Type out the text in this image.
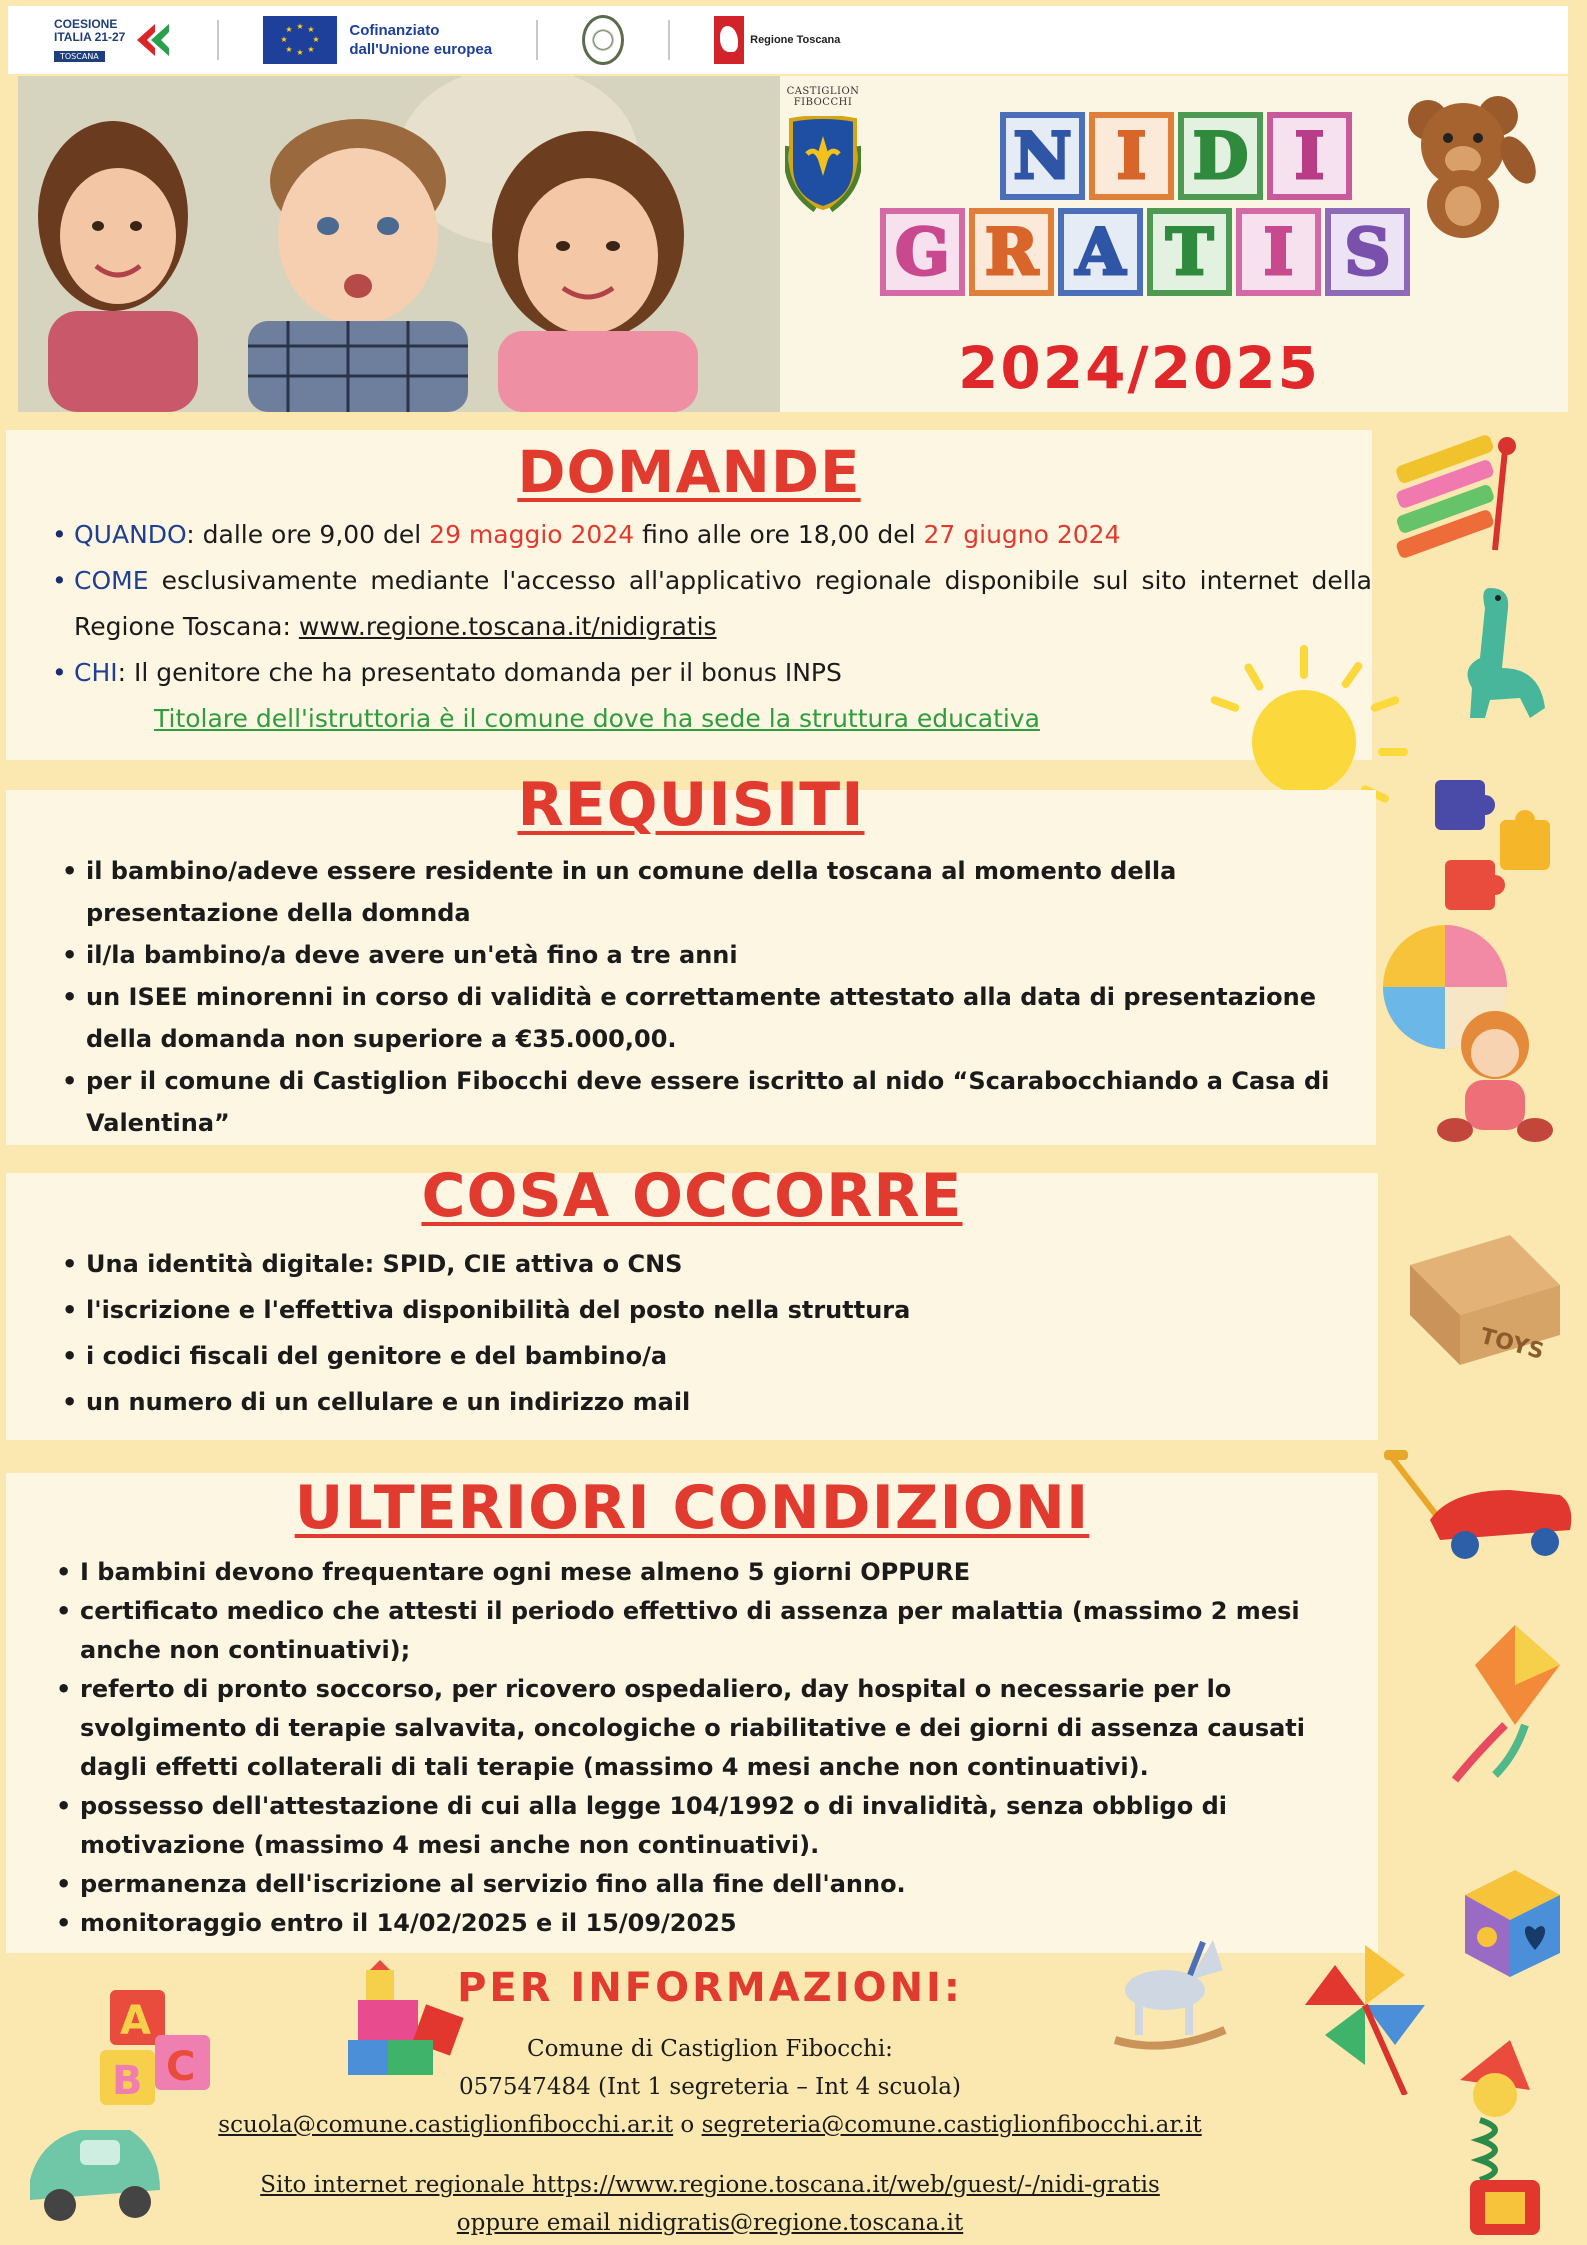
COESIONE
ITALIA 21-27
TOSCANA
★ ★
★
★
★
★
★
★	Cofinanziato
dall'Unione europea
Regione Toscana
CASTIGLION FIBOCCHI
N I D I
G R A T I S
2024/2025
DOMANDE
• QUANDO: dalle ore 9,00 del 29 maggio 2024 fino alle ore 18,00 del 27 giugno 2024
• COME esclusivamente mediante l'accesso all'applicativo regionale disponibile sul sito internet della Regione Toscana: www.regione.toscana.it/nidigratis
• CHI: Il genitore che ha presentato domanda per il bonus INPS
Titolare dell'istruttoria è il comune dove ha sede la struttura educativa
REQUISITI
• il bambino/adeve essere residente in un comune della toscana al momento della presentazione della domnda
• il/la bambino/a deve avere un'età fino a tre anni
• un ISEE minorenni in corso di validità e correttamente attestato alla data di presentazione della domanda non superiore a €35.000,00.
• per il comune di Castiglion Fibocchi deve essere iscritto al nido “Scarabocchiando a Casa di Valentina”
COSA OCCORRE
• Una identità digitale: SPID, CIE attiva o CNS
• l'iscrizione e l'effettiva disponibilità del posto nella struttura
• i codici fiscali del genitore e del bambino/a
• un numero di un cellulare e un indirizzo mail
ULTERIORI CONDIZIONI
• I bambini devono frequentare ogni mese almeno 5 giorni OPPURE
• certificato medico che attesti il periodo effettivo di assenza per malattia (massimo 2 mesi anche non continuativi);
• referto di pronto soccorso, per ricovero ospedaliero, day hospital o necessarie per lo svolgimento di terapie salvavita, oncologiche o riabilitative e dei giorni di assenza causati dagli effetti collaterali di tali terapie (massimo 4 mesi anche non continuativi).
• possesso dell'attestazione di cui alla legge 104/1992 o di invalidità, senza obbligo di motivazione (massimo 4 mesi anche non continuativi).
• permanenza dell'iscrizione al servizio fino alla fine dell'anno.
• monitoraggio entro il 14/02/2025 e il 15/09/2025
PER INFORMAZIONI:
Comune di Castiglion Fibocchi:
057547484 (Int 1 segreteria – Int 4 scuola)
scuola@comune.castiglionfibocchi.ar.it o segreteria@comune.castiglionfibocchi.ar.it
Sito internet regionale https://www.regione.toscana.it/web/guest/-/nidi-gratis
oppure email nidigratis@regione.toscana.it
TOYS
A
B C
